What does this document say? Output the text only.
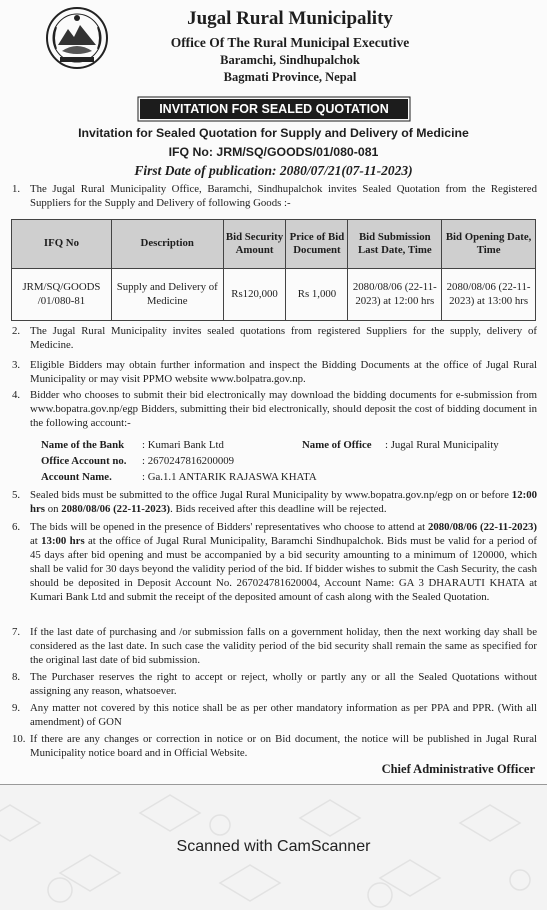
Jugal Rural Municipality
Office Of The Rural Municipal Executive
Baramchi, Sindhupalchok
Bagmati Province, Nepal
INVITATION FOR SEALED QUOTATION
Invitation for Sealed Quotation for Supply and Delivery of Medicine
IFQ No: JRM/SQ/GOODS/01/080-081
First Date of publication: 2080/07/21(07-11-2023)
1. The Jugal Rural Municipality Office, Baramchi, Sindhupalchok invites Sealed Quotation from the Registered Suppliers for the Supply and Delivery of following Goods :-
IFQ No	Description	Bid Security Amount	Price of Bid Document	Bid Submission Last Date, Time	Bid Opening Date, Time
JRM/SQ/GOODS /01/080-81	Supply and Delivery of Medicine	Rs120,000	Rs 1,000	2080/08/06 (22-11-2023) at 12:00 hrs	2080/08/06 (22-11-2023) at 13:00 hrs
2. The Jugal Rural Municipality invites sealed quotations from registered Suppliers for the supply, delivery of Medicine.
3. Eligible Bidders may obtain further information and inspect the Bidding Documents at the office of Jugal Rural Municipality or may visit PPMO website www.bolpatra.gov.np.
4. Bidder who chooses to submit their bid electronically may download the bidding documents for e-submission from www.bopatra.gov.np/egp Bidders, submitting their bid electronically, should deposit the cost of bidding document in the following account:-
Name of the Bank : Kumari Bank Ltd	Name of Office : Jugal Rural Municipality
Office Account no. : 2670247816200009
Account Name.	: Ga.1.1 ANTARIK RAJASWA KHATA
5. Sealed bids must be submitted to the office Jugal Rural Municipality by www.bopatra.gov.np/egp on or before 12:00 hrs on 2080/08/06 (22-11-2023). Bids received after this deadline will be rejected.
6. The bids will be opened in the presence of Bidders' representatives who choose to attend at 2080/08/06 (22-11-2023) at 13:00 hrs at the office of Jugal Rural Municipality, Baramchi Sindhupalchok. Bids must be valid for a period of 45 days after bid opening and must be accompanied by a bid security amounting to a minimum of 120000, which shall be valid for 30 days beyond the validity period of the bid. If bidder wishes to submit the Cash Security, the cash should be deposited in Deposit Account No. 267024781620004, Account Name: GA 3 DHARAUTI KHATA at Kumari Bank Ltd and submit the receipt of the deposited amount of cash along with the Sealed Quotation.
7. If the last date of purchasing and /or submission falls on a government holiday, then the next working day shall be considered as the last date. In such case the validity period of the bid security shall remain the same as specified for the original last date of bid submission.
8. The Purchaser reserves the right to accept or reject, wholly or partly any or all the Sealed Quotations without assigning any reason, whatsoever.
9. Any matter not covered by this notice shall be as per other mandatory information as per PPA and PPR. (With all amendment) of GON
10. If there are any changes or correction in notice or on Bid document, the notice will be published in Jugal Rural Municipality notice board and in Official Website.
Chief Administrative Officer
Scanned with CamScanner
